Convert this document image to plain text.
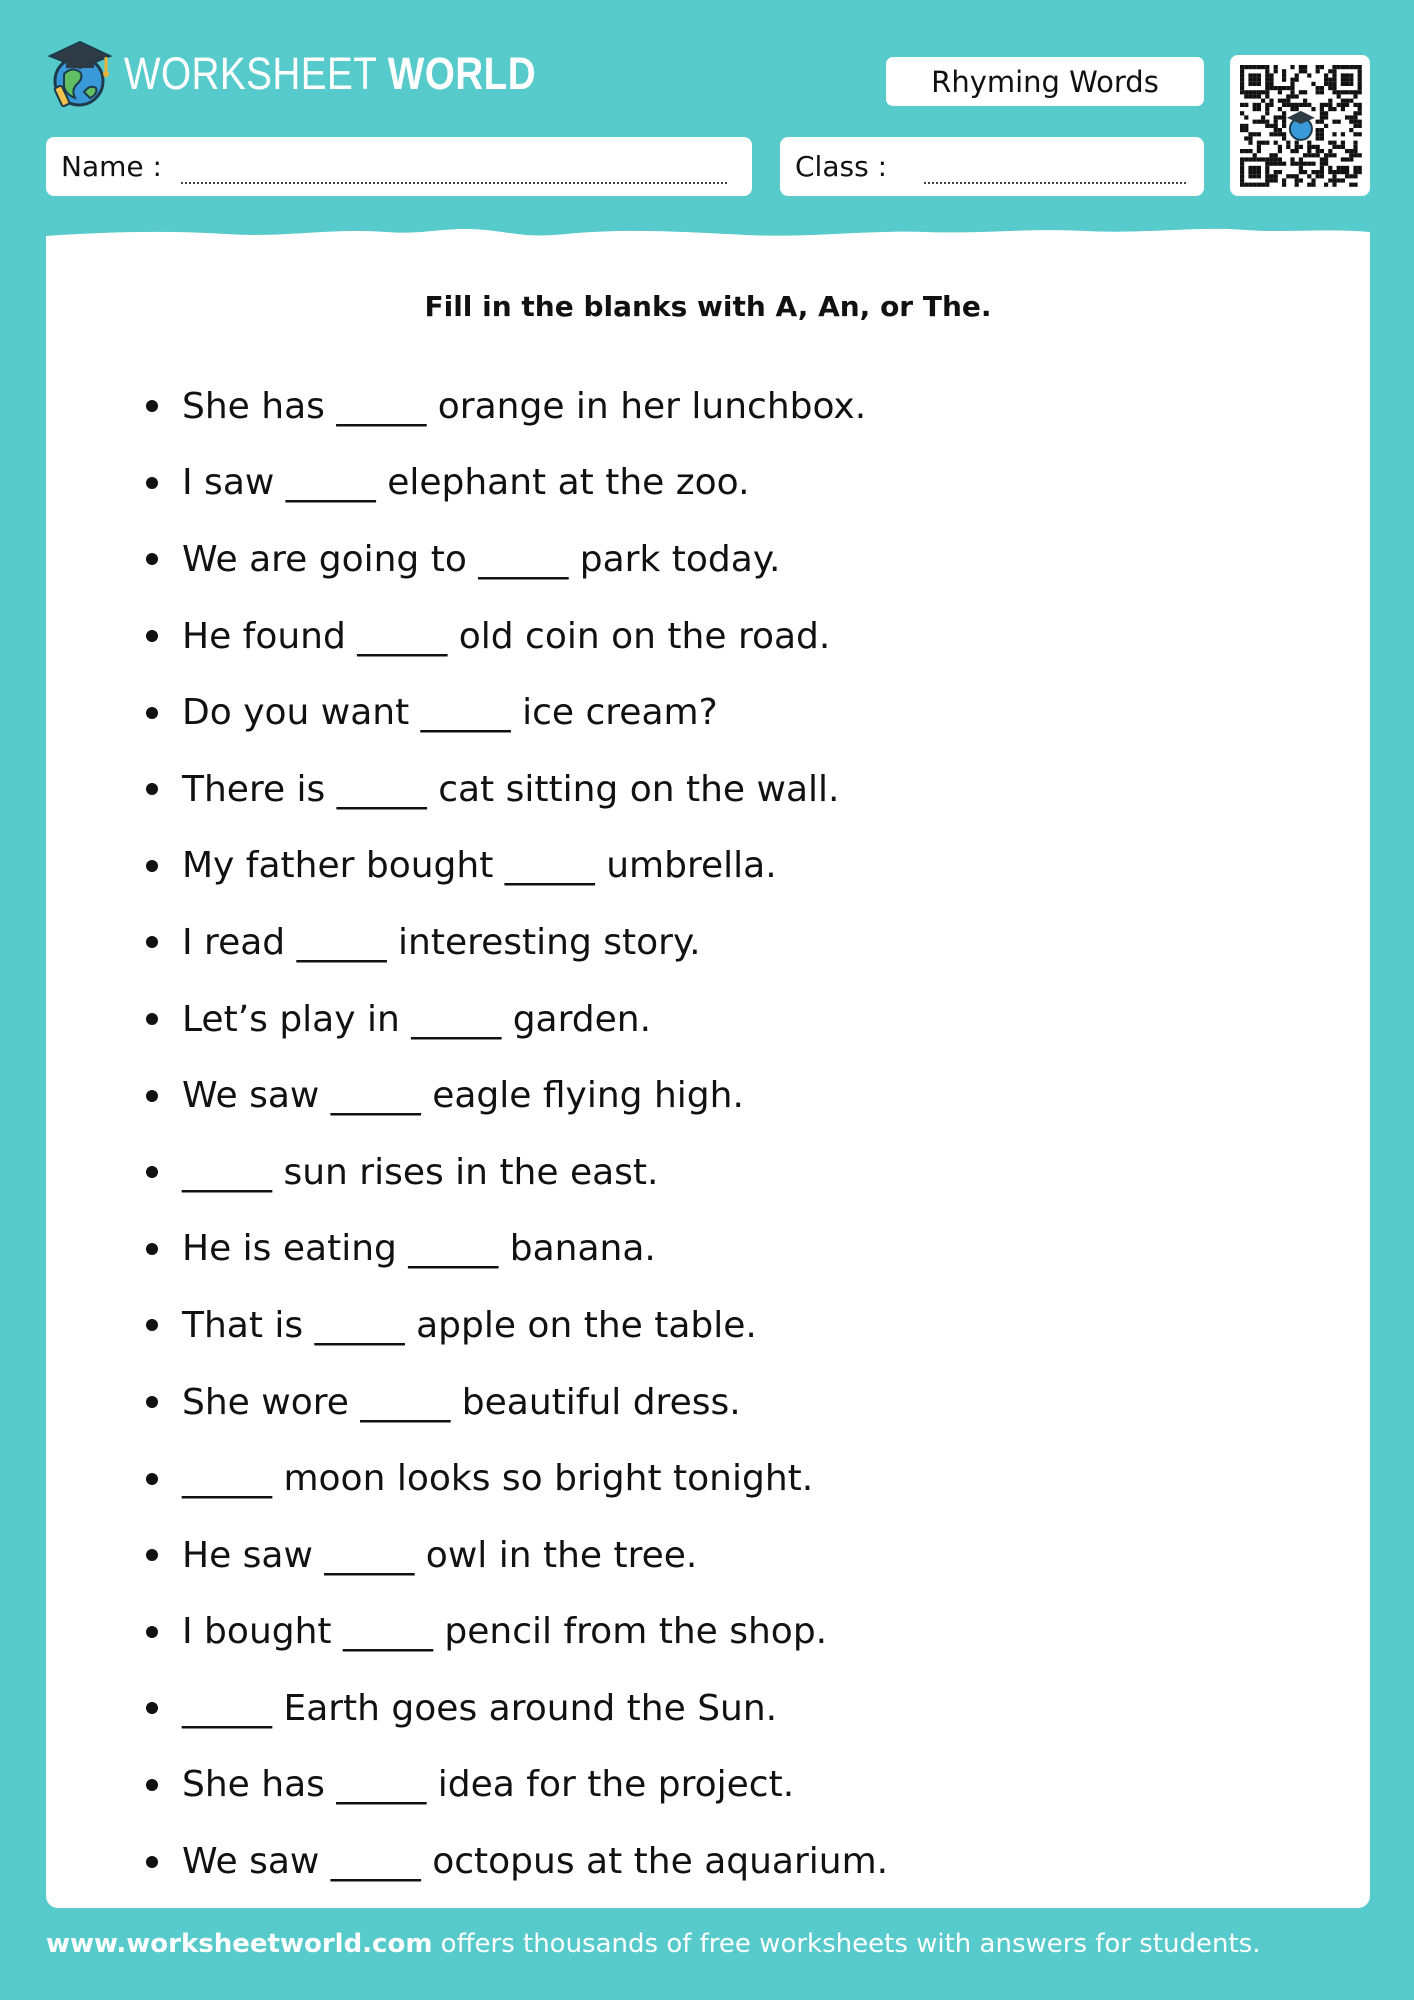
WORKSHEET WORLD	Rhyming Words
Name :	Class :
Fill in the blanks with A, An, or The.
She has _____ orange in her lunchbox.
I saw _____ elephant at the zoo.
We are going to _____ park today.
He found _____ old coin on the road.
Do you want _____ ice cream?
There is _____ cat sitting on the wall.
My father bought _____ umbrella.
I read _____ interesting story.
Let’s play in _____ garden.
We saw _____ eagle flying high.
_____ sun rises in the east.
He is eating _____ banana.
That is _____ apple on the table.
She wore _____ beautiful dress.
_____ moon looks so bright tonight.
He saw _____ owl in the tree.
I bought _____ pencil from the shop.
_____ Earth goes around the Sun.
She has _____ idea for the project.
We saw _____ octopus at the aquarium.
www.worksheetworld.com offers thousands of free worksheets with answers for students.
